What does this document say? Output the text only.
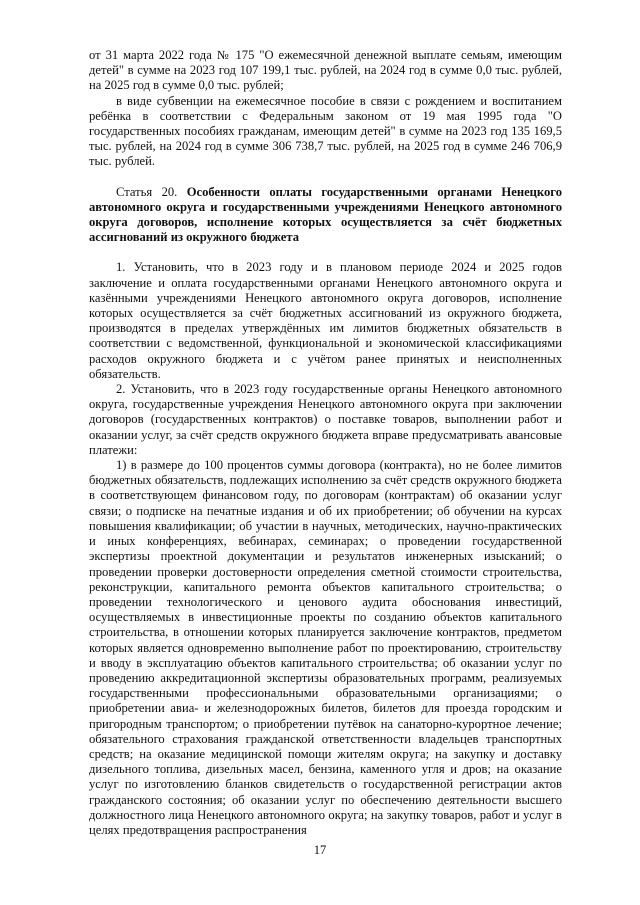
от 31 марта 2022 года № 175 "О ежемесячной денежной выплате семьям, имеющим детей" в сумме на 2023 год 107 199,1 тыс. рублей, на 2024 год в сумме 0,0 тыс. рублей, на 2025 год в сумме 0,0 тыс. рублей;

в виде субвенции на ежемесячное пособие в связи с рождением и воспитанием ребёнка в соответствии с Федеральным законом от 19 мая 1995 года "О государственных пособиях гражданам, имеющим детей" в сумме на 2023 год 135 169,5 тыс. рублей, на 2024 год в сумме 306 738,7 тыс. рублей, на 2025 год в сумме 246 706,9 тыс. рублей.

Статья 20. Особенности оплаты государственными органами Ненецкого автономного округа и государственными учреждениями Ненецкого автономного округа договоров, исполнение которых осуществляется за счёт бюджетных ассигнований из окружного бюджета

1. Установить, что в 2023 году и в плановом периоде 2024 и 2025 годов заключение и оплата государственными органами Ненецкого автономного округа и казёнными учреждениями Ненецкого автономного округа договоров, исполнение которых осуществляется за счёт бюджетных ассигнований из окружного бюджета, производятся в пределах утверждённых им лимитов бюджетных обязательств в соответствии с ведомственной, функциональной и экономической классификациями расходов окружного бюджета и с учётом ранее принятых и неисполненных обязательств.

2. Установить, что в 2023 году государственные органы Ненецкого автономного округа, государственные учреждения Ненецкого автономного округа при заключении договоров (государственных контрактов) о поставке товаров, выполнении работ и оказании услуг, за счёт средств окружного бюджета вправе предусматривать авансовые платежи:

1) в размере до 100 процентов суммы договора (контракта), но не более лимитов бюджетных обязательств, подлежащих исполнению за счёт средств окружного бюджета в соответствующем финансовом году, по договорам (контрактам) об оказании услуг связи; о подписке на печатные издания и об их приобретении; об обучении на курсах повышения квалификации; об участии в научных, методических, научно-практических и иных конференциях, вебинарах, семинарах; о проведении государственной экспертизы проектной документации и результатов инженерных изысканий; о проведении проверки достоверности определения сметной стоимости строительства, реконструкции, капитального ремонта объектов капитального строительства; о проведении технологического и ценового аудита обоснования инвестиций, осуществляемых в инвестиционные проекты по созданию объектов капитального строительства, в отношении которых планируется заключение контрактов, предметом которых является одновременно выполнение работ по проектированию, строительству и вводу в эксплуатацию объектов капитального строительства; об оказании услуг по проведению аккредитационной экспертизы образовательных программ, реализуемых государственными профессиональными образовательными организациями; о приобретении авиа- и железнодорожных билетов, билетов для проезда городским и пригородным транспортом; о приобретении путёвок на санаторно-курортное лечение; обязательного страхования гражданской ответственности владельцев транспортных средств; на оказание медицинской помощи жителям округа; на закупку и доставку дизельного топлива, дизельных масел, бензина, каменного угля и дров; на оказание услуг по изготовлению бланков свидетельств о государственной регистрации актов гражданского состояния; об оказании услуг по обеспечению деятельности высшего должностного лица Ненецкого автономного округа; на закупку товаров, работ и услуг в целях предотвращения распространения

17
